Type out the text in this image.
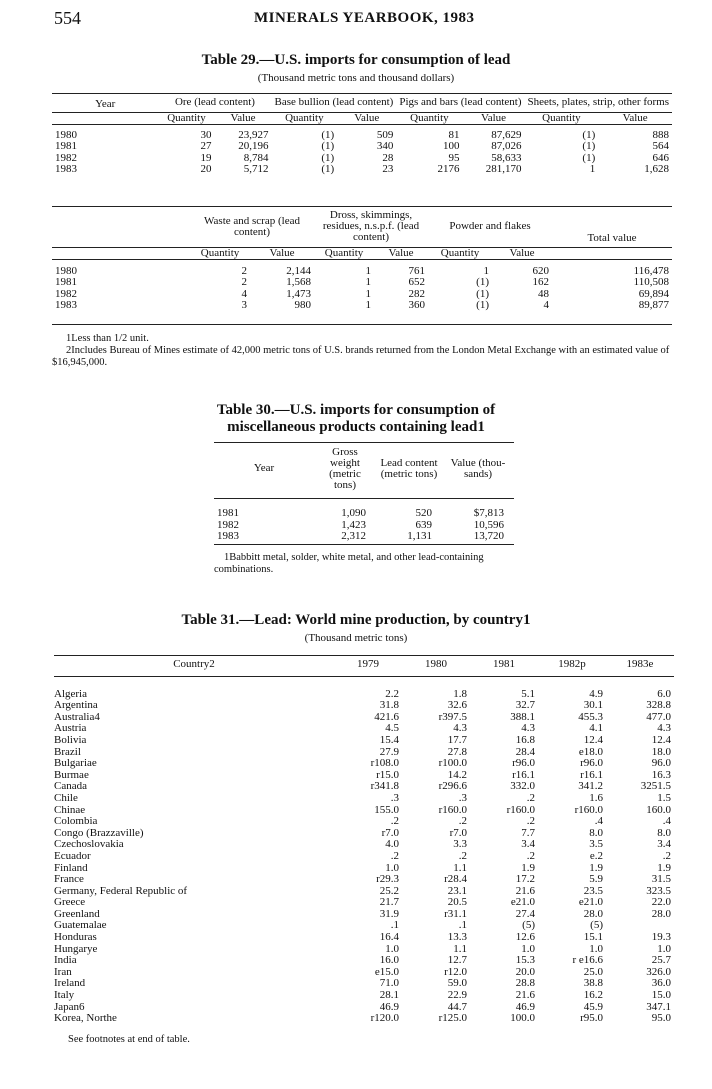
554	MINERALS YEARBOOK, 1983
Table 29.—U.S. imports for consumption of lead
(Thousand metric tons and thousand dollars)
Year	Ore (lead content)		Base bullion (lead content)		Pigs and bars (lead content)		Sheets, plates, strip, other forms	

	Quantity	Value	Quantity	Value	Quantity	Value	Quantity	Value

1980	30	23,927	(1)	509	81	87,629	(1)	888
1981	27	20,196	(1)	340	100	87,026	(1)	564
1982	19	8,784	(1)	28	95	58,633	(1)	646
1983	20	5,712	(1)	23	2176	281,170	1	1,628
	Waste and scrap (lead content)		Dross, skimmings, residues, n.s.p.f. (lead content)		Powder and flakes		Total value

	Quantity	Value	Quantity	Value	Quantity	Value	

1980	2	2,144	1	761	1	620	116,478
1981	2	1,568	1	652	(1)	162	110,508
1982	4	1,473	1	282	(1)	48	69,894
1983	3	980	1	360	(1)	4	89,877
1Less than 1/2 unit.
2Includes Bureau of Mines estimate of 42,000 metric tons of U.S. brands returned from the London Metal Exchange with an estimated value of $16,945,000.
Table 30.—U.S. imports for consumption of
miscellaneous products containing lead1
Year	Gross weight (metric tons)	Lead content (metric tons)	Value (thou- sands)

1981	1,090	520	$7,813
1982	1,423	639	10,596
1983	2,312	1,131	13,720
1Babbitt metal, solder, white metal, and other lead-containing combinations.
Table 31.—Lead: World mine production, by country1
(Thousand metric tons)
Country2	1979	1980	1981	1982p	1983e

Algeria	2.2	1.8	5.1	4.9	6.0
Argentina	31.8	32.6	32.7	30.1	328.8
Australia4	421.6	r397.5	388.1	455.3	477.0
Austria	4.5	4.3	4.3	4.1	4.3
Bolivia	15.4	17.7	16.8	12.4	12.4
Brazil	27.9	27.8	28.4	e18.0	18.0
Bulgariae	r108.0	r100.0	r96.0	r96.0	96.0
Burmae	r15.0	14.2	r16.1	r16.1	16.3
Canada	r341.8	r296.6	332.0	341.2	3251.5
Chile	.3	.3	.2	1.6	1.5
Chinae	155.0	r160.0	r160.0	r160.0	160.0
Colombia	.2	.2	.2	.4	.4
Congo (Brazzaville)	r7.0	r7.0	7.7	8.0	8.0
Czechoslovakia	4.0	3.3	3.4	3.5	3.4
Ecuador	.2	.2	.2	e.2	.2
Finland	1.0	1.1	1.9	1.9	1.9
France	r29.3	r28.4	17.2	5.9	31.5
Germany, Federal Republic of	25.2	23.1	21.6	23.5	323.5
Greece	21.7	20.5	e21.0	e21.0	22.0
Greenland	31.9	r31.1	27.4	28.0	28.0
Guatemalae	.1	.1	(5)	(5)	
Honduras	16.4	13.3	12.6	15.1	19.3
Hungarye	1.0	1.1	1.0	1.0	1.0
India	16.0	12.7	15.3	r e16.6	25.7
Iran	e15.0	r12.0	20.0	25.0	326.0
Ireland	71.0	59.0	28.8	38.8	36.0
Italy	28.1	22.9	21.6	16.2	15.0
Japan6	46.9	44.7	46.9	45.9	347.1
Korea, Northe	r120.0	r125.0	100.0	r95.0	95.0
See footnotes at end of table.
